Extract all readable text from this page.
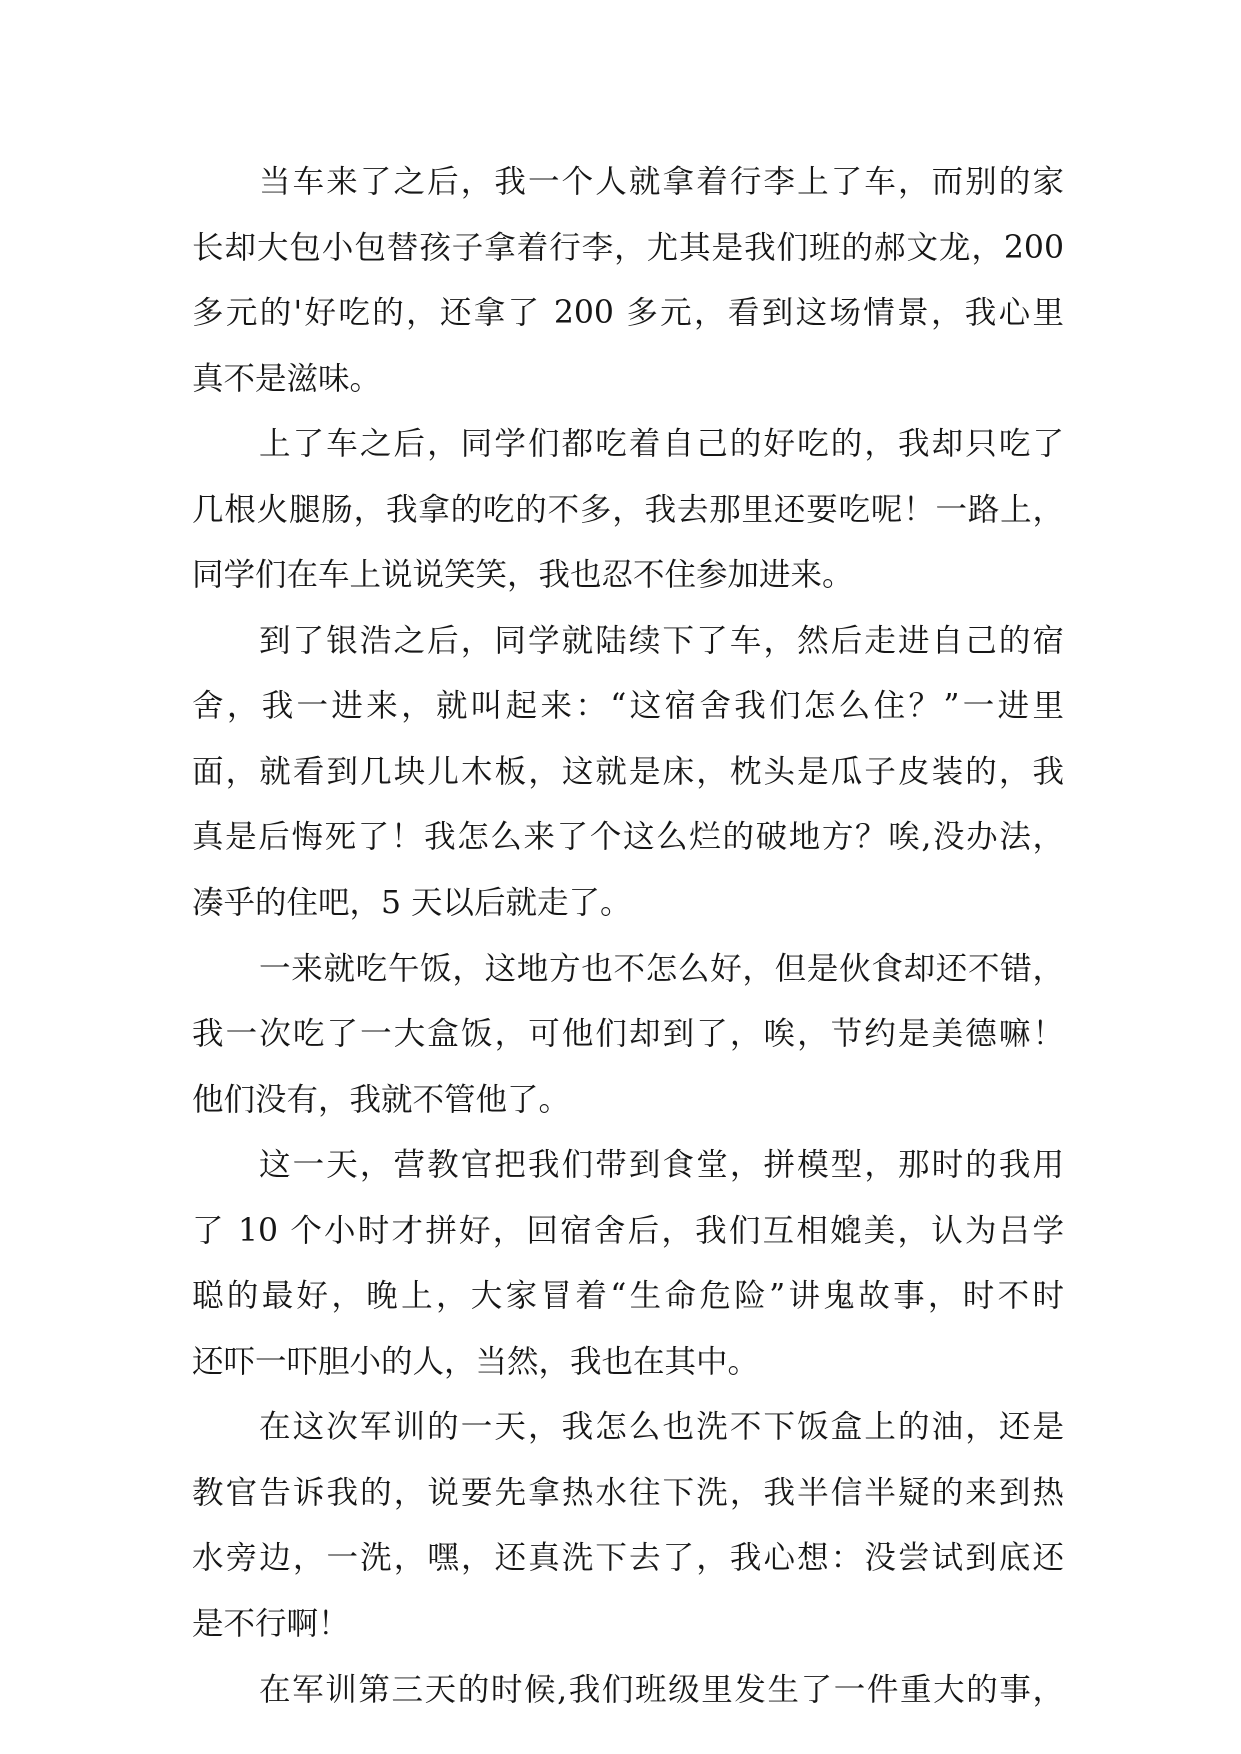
当车来了之后，我一个人就拿着行李上了车，而别的家
长却大包小包替孩子拿着行李，尤其是我们班的郝文龙，200
多元的'好吃的，还拿了 200 多元，看到这场情景，我心里
真不是滋味。
上了车之后，同学们都吃着自己的好吃的，我却只吃了
几根火腿肠，我拿的吃的不多，我去那里还要吃呢！一路上，
同学们在车上说说笑笑，我也忍不住参加进来。
到了银浩之后，同学就陆续下了车，然后走进自己的宿
舍，我一进来，就叫起来：“这宿舍我们怎么住？”一进里
面，就看到几块儿木板，这就是床，枕头是瓜子皮装的，我
真是后悔死了！我怎么来了个这么烂的破地方？唉,没办法，
凑乎的住吧，5 天以后就走了。
一来就吃午饭，这地方也不怎么好，但是伙食却还不错，
我一次吃了一大盒饭，可他们却到了，唉，节约是美德嘛！
他们没有，我就不管他了。
这一天，营教官把我们带到食堂，拼模型，那时的我用
了 10 个小时才拼好，回宿舍后，我们互相媲美，认为吕学
聪的最好，晚上，大家冒着“生命危险”讲鬼故事，时不时
还吓一吓胆小的人，当然，我也在其中。
在这次军训的一天，我怎么也洗不下饭盒上的油，还是
教官告诉我的，说要先拿热水往下洗，我半信半疑的来到热
水旁边，一洗，嘿，还真洗下去了，我心想：没尝试到底还
是不行啊！
在军训第三天的时候,我们班级里发生了一件重大的事，
